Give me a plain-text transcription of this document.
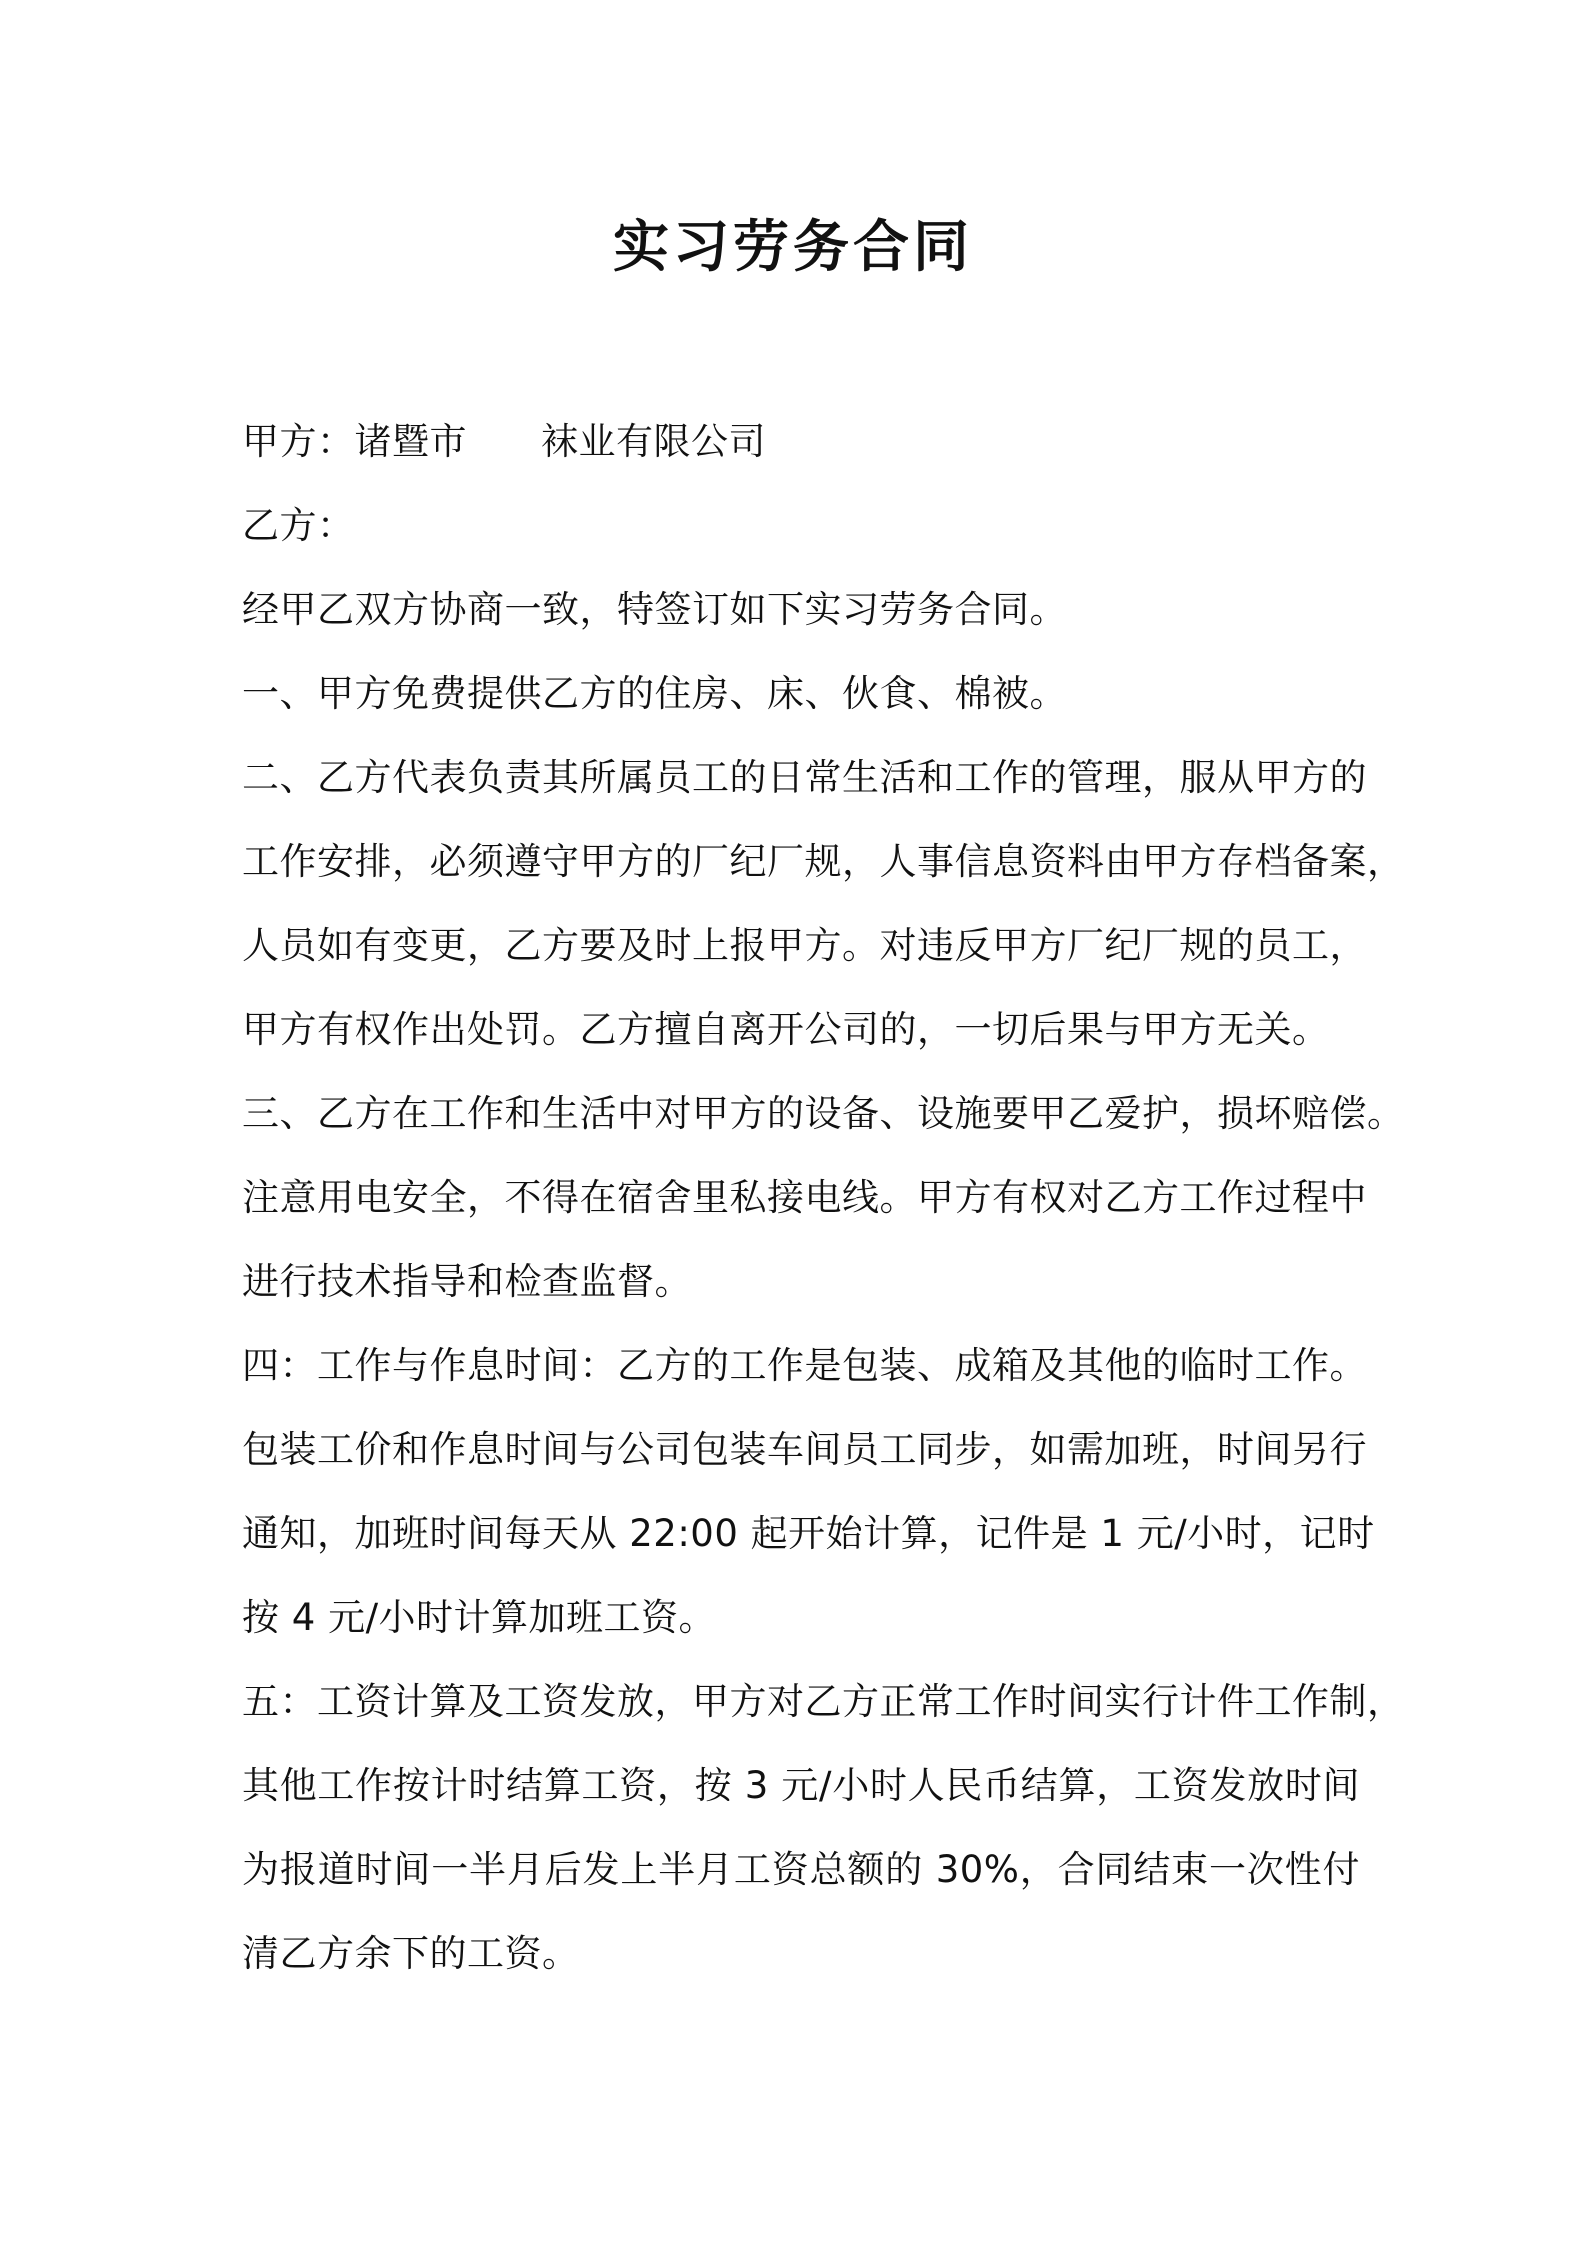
实习劳务合同
甲方：诸暨市 袜业有限公司
乙方：
经甲乙双方协商一致，特签订如下实习劳务合同。
一、甲方免费提供乙方的住房、床、伙食、棉被。
二、乙方代表负责其所属员工的日常生活和工作的管理，服从甲方的
工作安排，必须遵守甲方的厂纪厂规，人事信息资料由甲方存档备案，
人员如有变更，乙方要及时上报甲方。对违反甲方厂纪厂规的员工，
甲方有权作出处罚。乙方擅自离开公司的，一切后果与甲方无关。
三、乙方在工作和生活中对甲方的设备、设施要甲乙爱护，损坏赔偿。
注意用电安全，不得在宿舍里私接电线。甲方有权对乙方工作过程中
进行技术指导和检查监督。
四：工作与作息时间：乙方的工作是包装、成箱及其他的临时工作。
包装工价和作息时间与公司包装车间员工同步，如需加班，时间另行
通知，加班时间每天从 22:00 起开始计算，记件是 1 元/小时，记时
按 4 元/小时计算加班工资。
五：工资计算及工资发放，甲方对乙方正常工作时间实行计件工作制，
其他工作按计时结算工资，按 3 元/小时人民币结算，工资发放时间
为报道时间一半月后发上半月工资总额的 30%，合同结束一次性付
清乙方余下的工资。
